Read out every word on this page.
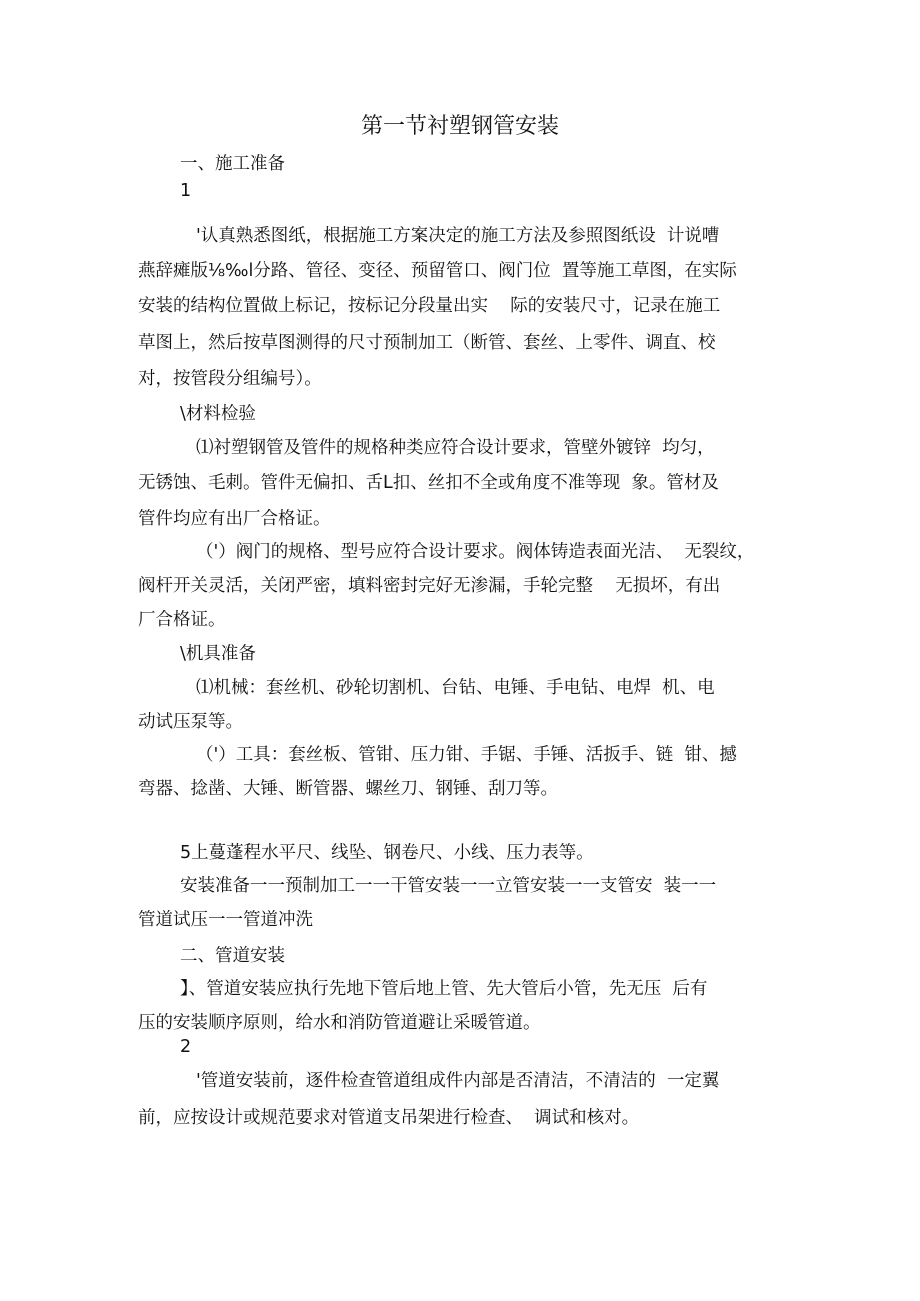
第一节衬塑钢管安装
一、施工准备
1
'认真熟悉图纸，根据施工方案决定的施工方法及参照图纸设  计说嘈
燕辞瘫版⅛‰l分路、管径、变径、预留管口、阀门位  置等施工草图，在实际
安装的结构位置做上标记，按标记分段量出实    际的安装尺寸，记录在施工
草图上，然后按草图测得的尺寸预制加工（断管、套丝、上零件、调直、校
对，按管段分组编号）。
\材料检验
⑴衬塑钢管及管件的规格种类应符合设计要求，管壁外镀锌  均匀，
无锈蚀、毛刺。管件无偏扣、舌L扣、丝扣不全或角度不准等现  象。管材及
管件均应有出厂合格证。
（'）阀门的规格、型号应符合设计要求。阀体铸造表面光洁、  无裂纹，
阀杆开关灵活，关闭严密，填料密封完好无渗漏，手轮完整    无损坏，有出
厂合格证。
\机具准备
⑴机械：套丝机、砂轮切割机、台钻、电锤、手电钻、电焊  机、电
动试压泵等。
（'）工具：套丝板、管钳、压力钳、手锯、手锤、活扳手、链  钳、撼
弯器、捻凿、大锤、断管器、螺丝刀、钢锤、刮刀等。
5上蔓蓬程水平尺、线坠、钢卷尺、小线、压力表等。
安装准备一一预制加工一一干管安装一一立管安装一一支管安  装一一
管道试压一一管道冲洗
二、管道安装
】、管道安装应执行先地下管后地上管、先大管后小管，先无压  后有
压的安装顺序原则，给水和消防管道避让采暖管道。
2
'管道安装前，逐件检查管道组成件内部是否清洁，不清洁的  一定翼
前，应按设计或规范要求对管道支吊架进行检查、  调试和核对。
